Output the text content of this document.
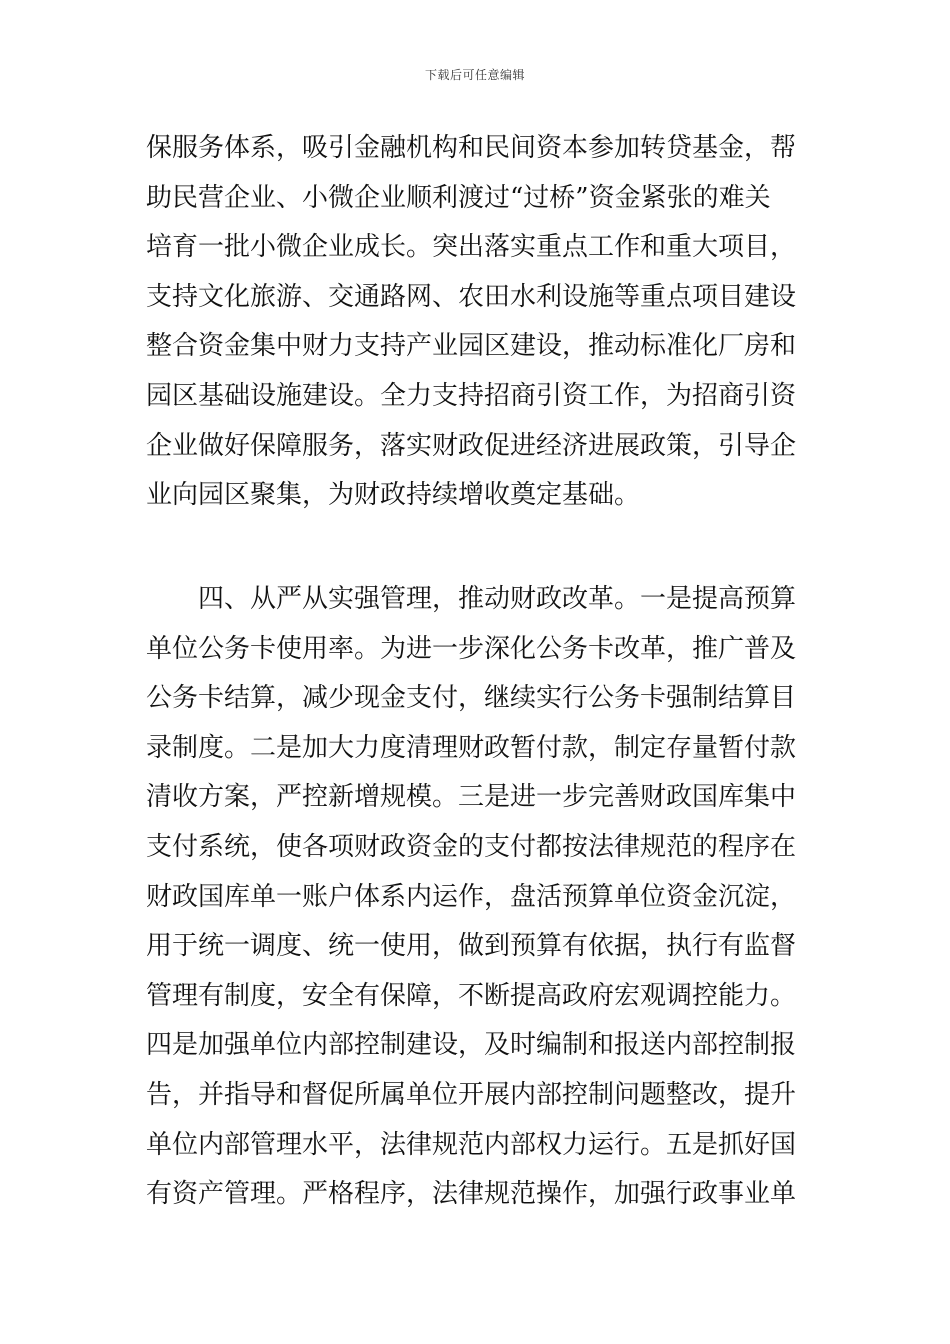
下载后可任意编辑
保服务体系，吸引金融机构和民间资本参加转贷基金，帮
助民营企业、小微企业顺利渡过“过桥”资金紧张的难关
培育一批小微企业成长。突出落实重点工作和重大项目，
支持文化旅游、交通路网、农田水利设施等重点项目建设
整合资金集中财力支持产业园区建设，推动标准化厂房和
园区基础设施建设。全力支持招商引资工作，为招商引资
企业做好保障服务，落实财政促进经济进展政策，引导企
业向园区聚集，为财政持续增收奠定基础。
四、从严从实强管理，推动财政改革。一是提高预算
单位公务卡使用率。为进一步深化公务卡改革，推广普及
公务卡结算，减少现金支付，继续实行公务卡强制结算目
录制度。二是加大力度清理财政暂付款，制定存量暂付款
清收方案，严控新增规模。三是进一步完善财政国库集中
支付系统，使各项财政资金的支付都按法律规范的程序在
财政国库单一账户体系内运作，盘活预算单位资金沉淀，
用于统一调度、统一使用，做到预算有依据，执行有监督
管理有制度，安全有保障，不断提高政府宏观调控能力。
四是加强单位内部控制建设，及时编制和报送内部控制报
告，并指导和督促所属单位开展内部控制问题整改，提升
单位内部管理水平，法律规范内部权力运行。五是抓好国
有资产管理。严格程序，法律规范操作，加强行政事业单
